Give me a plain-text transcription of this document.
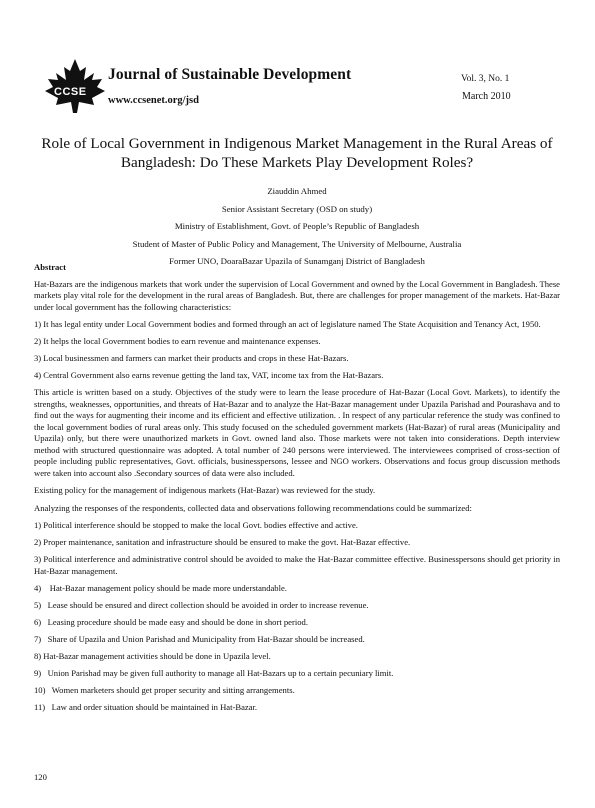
CCSE
Journal of Sustainable Development
www.ccsenet.org/jsd
Vol. 3, No. 1
March 2010
Role of Local Government in Indigenous Market Management in the Rural Areas of Bangladesh: Do These Markets Play Development Roles?
Ziauddin Ahmed
Senior Assistant Secretary (OSD on study)
Ministry of Establishment, Govt. of People’s Republic of Bangladesh
Student of Master of Public Policy and Management, The University of Melbourne, Australia
Former UNO, DoaraBazar Upazila of Sunamganj District of Bangladesh
Abstract

Hat-Bazars are the indigenous markets that work under the supervision of Local Government and owned by the Local Government in Bangladesh. These markets play vital role for the development in the rural areas of Bangladesh. But, there are challenges for proper management of the markets. Hat-Bazar under local government has the following characteristics:

1) It has legal entity under Local Government bodies and formed through an act of legislature named The State Acquisition and Tenancy Act, 1950.

2) It helps the local Government bodies to earn revenue and maintenance expenses.

3) Local businessmen and farmers can market their products and crops in these Hat-Bazars.

4) Central Government also earns revenue getting the land tax, VAT, income tax from the Hat-Bazars.

This article is written based on a study. Objectives of the study were to learn the lease procedure of Hat-Bazar (Local Govt. Markets), to identify the strengths, weaknesses, opportunities, and threats of Hat-Bazar and to analyze the Hat-Bazar management under Upazila Parishad and Pourashava and to find out the ways for augmenting their income and its efficient and effective utilization. . In respect of any particular reference the study was confined to the local government bodies of rural areas only. This study focused on the scheduled government markets (Hat-Bazar) of rural areas (Municipality and Upazila) only, but there were unauthorized markets in Govt. owned land also. Those markets were not taken into considerations. Depth interview method with structured questionnaire was adopted. A total number of 240 persons were interviewed. The interviewees comprised of cross-section of people including public representatives, Govt. officials, businesspersons, lessee and NGO workers. Observations and focus group discussion methods were taken into account also .Secondary sources of data were also included.

Existing policy for the management of indigenous markets (Hat-Bazar) was reviewed for the study.

Analyzing the responses of the respondents, collected data and observations following recommendations could be summarized:

1) Political interference should be stopped to make the local Govt. bodies effective and active.

2) Proper maintenance, sanitation and infrastructure should be ensured to make the govt. Hat-Bazar effective.

3) Political interference and administrative control should be avoided to make the Hat-Bazar committee effective. Businesspersons should get priority in Hat-Bazar management.

4)    Hat-Bazar management policy should be made more understandable.

5)   Lease should be ensured and direct collection should be avoided in order to increase revenue.

6)   Leasing procedure should be made easy and should be done in short period.

7)   Share of Upazila and Union Parishad and Municipality from Hat-Bazar should be increased.

8) Hat-Bazar management activities should be done in Upazila level.

9)   Union Parishad may be given full authority to manage all Hat-Bazars up to a certain pecuniary limit.

10)   Women marketers should get proper security and sitting arrangements.

11)   Law and order situation should be maintained in Hat-Bazar.

120
